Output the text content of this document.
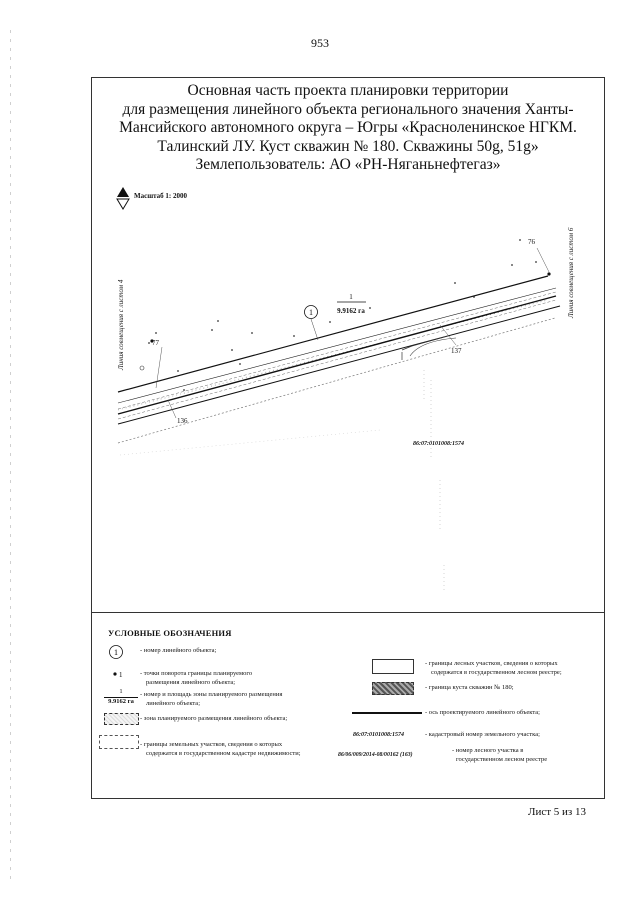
953
Основная часть проекта планировки территории
для размещения линейного объекта регионального значения Ханты-
Мансийского автономного округа – Югры «Красноленинское НГКМ.
Талинский ЛУ. Куст скважин № 180. Скважины 50g, 51g»
Землепользователь: АО «РН-Няганьнефтегаз»
Масштаб 1: 2000
Линия совмещения с листом 4
Линия совмещения с листом 6
76
77
136
137
1
1
9.9162 га
86:07:0101008:1574
УСЛОВНЫЕ ОБОЗНАЧЕНИЯ
1	- номер линейного объекта;
1	- точки поворота границы планируемого
размещения линейного объекта;
1
9.9162 га
- номер и площадь зоны планируемого размещения
линейного объекта;
- зона планируемого размещения линейного объекта;
- границы земельных участков, сведения о которых
содержатся в государственном кадастре недвижимости;
- границы лесных участков, сведения о которых
содержатся в государственном лесном реестре;
- граница куста скважин № 180;
- ось проектируемого линейного объекта;
86:07:0101008:1574	- кадастровый номер земельного участка;
86/06/009/2014-08/00162 (163)
- номер лесного участка в
государственном лесном реестре
Лист 5 из 13
